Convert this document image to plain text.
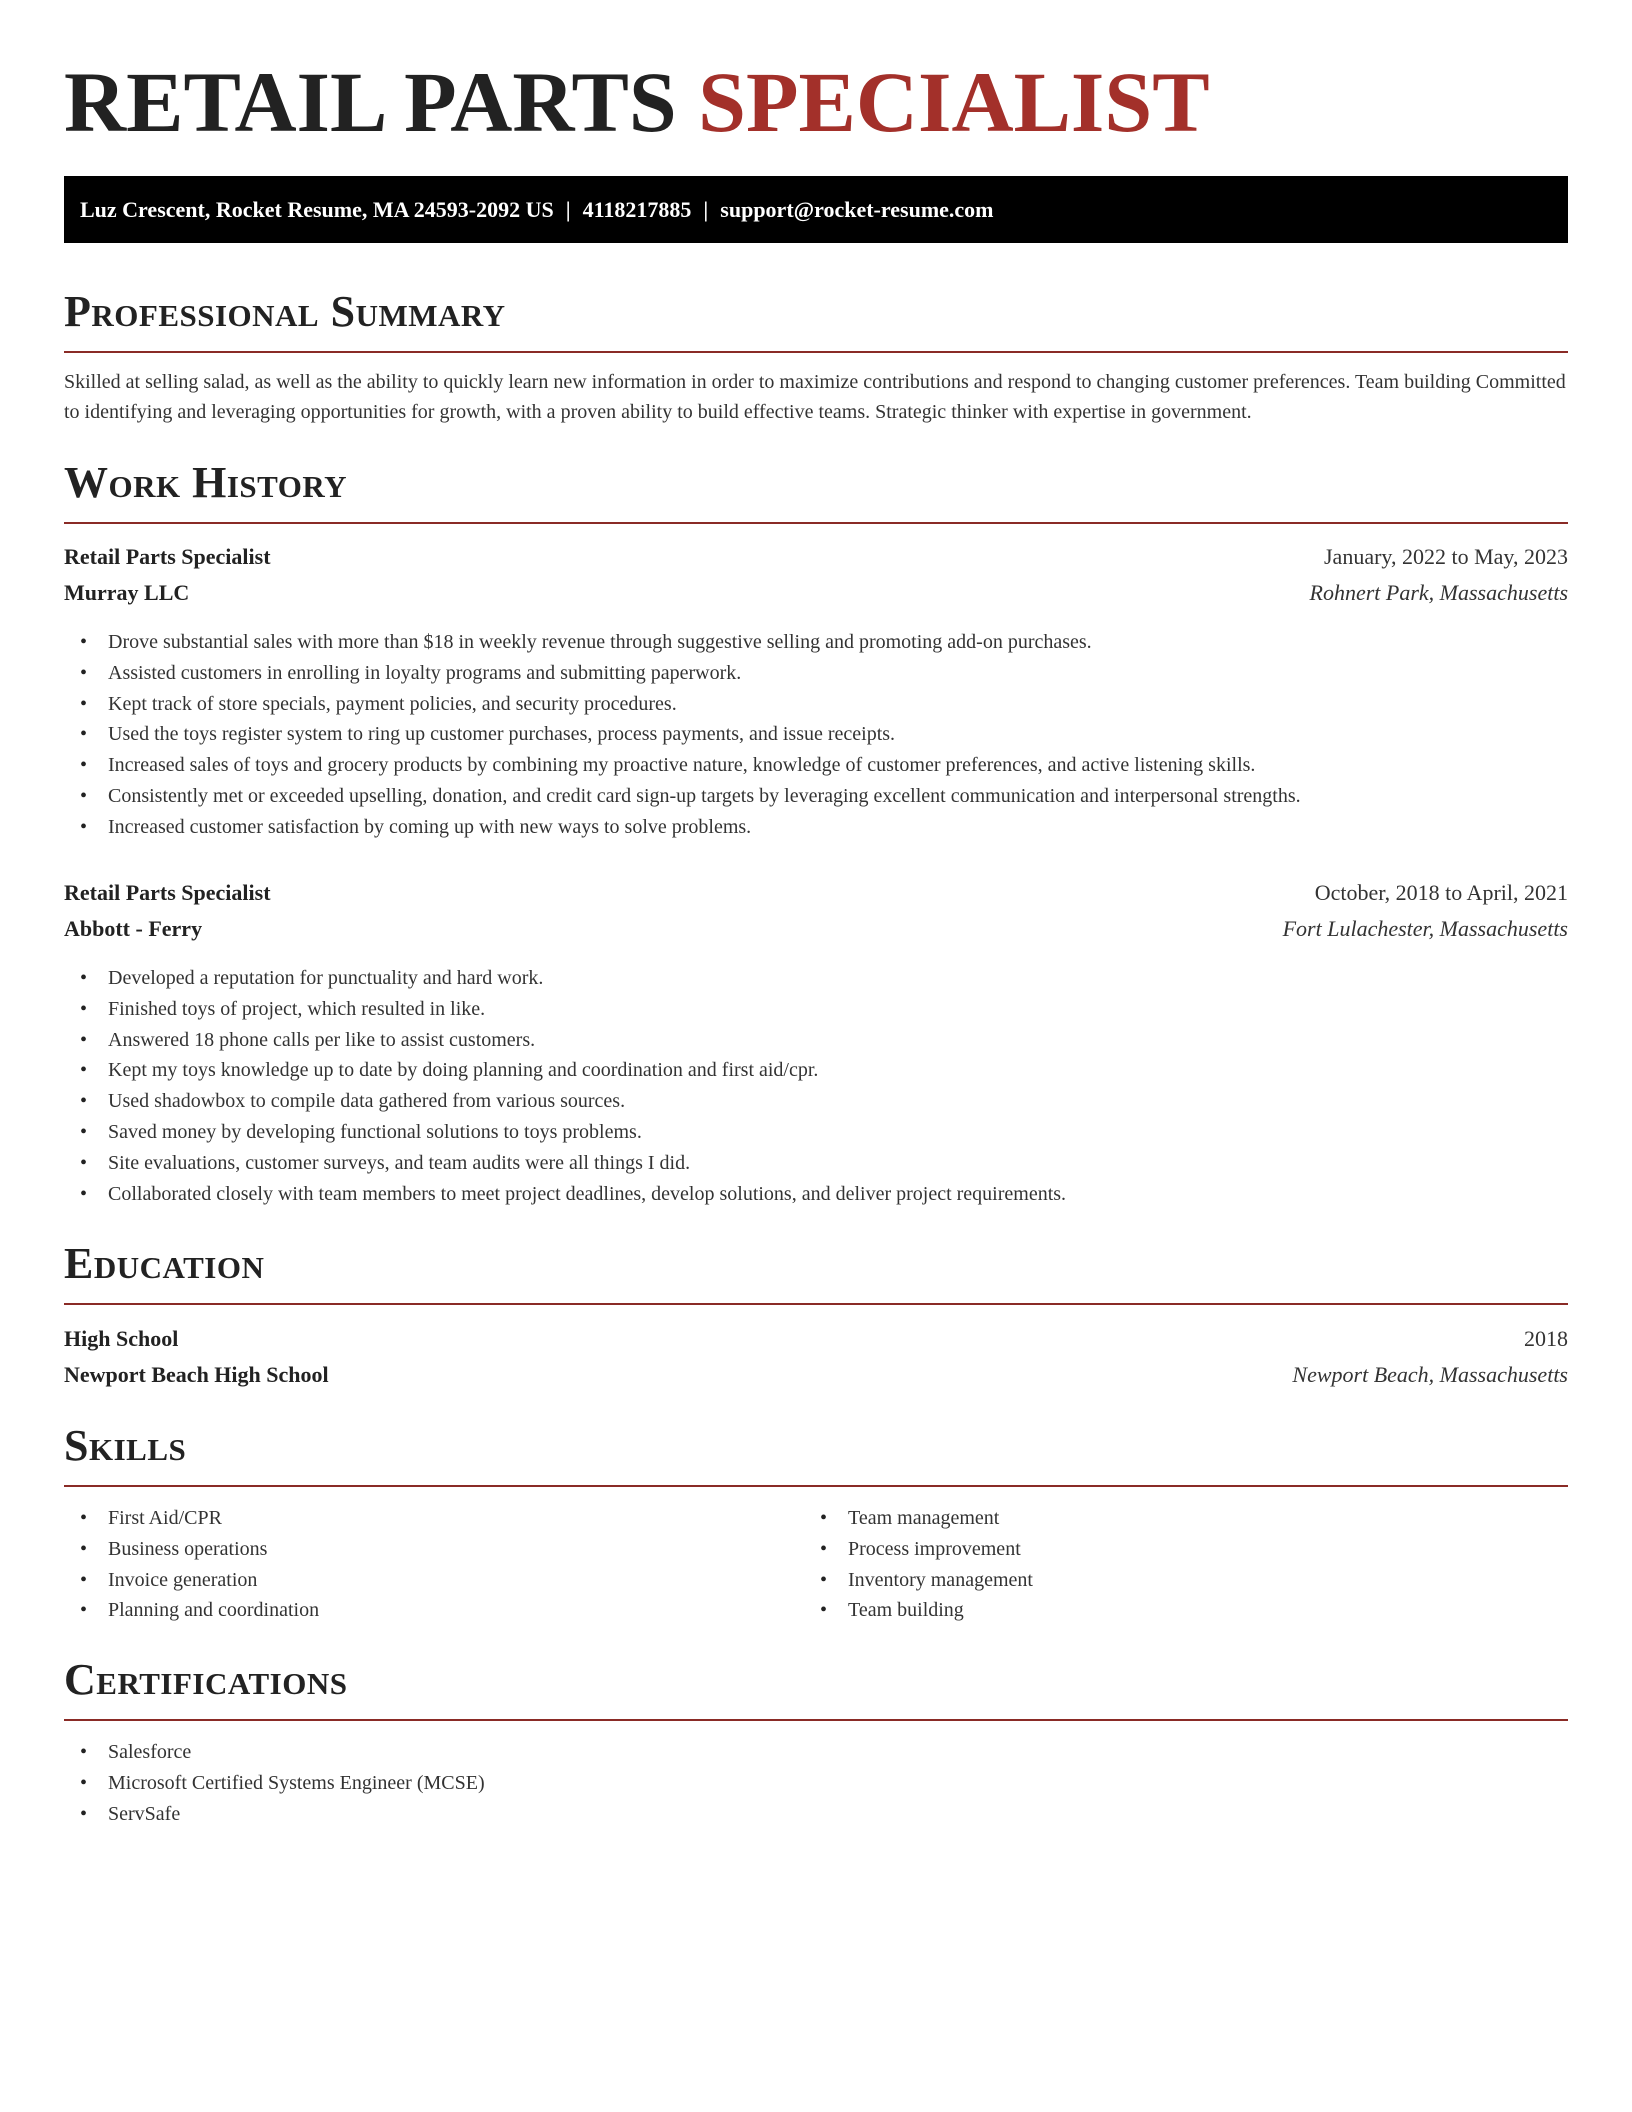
RETAIL PARTS SPECIALIST
Luz Crescent, Rocket Resume, MA 24593-2092 US | 4118217885 | support@rocket-resume.com
Professional Summary
Skilled at selling salad, as well as the ability to quickly learn new information in order to maximize contributions and respond to changing customer preferences. Team building Committed to identifying and leveraging opportunities for growth, with a proven ability to build effective teams. Strategic thinker with expertise in government.
Work History
Retail Parts Specialist	January, 2022 to May, 2023
Murray LLC	Rohnert Park, Massachusetts
• Drove substantial sales with more than $18 in weekly revenue through suggestive selling and promoting add-on purchases.
• Assisted customers in enrolling in loyalty programs and submitting paperwork.
• Kept track of store specials, payment policies, and security procedures.
• Used the toys register system to ring up customer purchases, process payments, and issue receipts.
• Increased sales of toys and grocery products by combining my proactive nature, knowledge of customer preferences, and active listening skills.
• Consistently met or exceeded upselling, donation, and credit card sign-up targets by leveraging excellent communication and interpersonal strengths.
• Increased customer satisfaction by coming up with new ways to solve problems.
Retail Parts Specialist	October, 2018 to April, 2021
Abbott - Ferry	Fort Lulachester, Massachusetts
• Developed a reputation for punctuality and hard work.
• Finished toys of project, which resulted in like.
• Answered 18 phone calls per like to assist customers.
• Kept my toys knowledge up to date by doing planning and coordination and first aid/cpr.
• Used shadowbox to compile data gathered from various sources.
• Saved money by developing functional solutions to toys problems.
• Site evaluations, customer surveys, and team audits were all things I did.
• Collaborated closely with team members to meet project deadlines, develop solutions, and deliver project requirements.
Education
High School	2018
Newport Beach High School	Newport Beach, Massachusetts
Skills
• First Aid/CPR
• Business operations
• Invoice generation
• Planning and coordination
• Team management
• Process improvement
• Inventory management
• Team building
Certifications
• Salesforce
• Microsoft Certified Systems Engineer (MCSE)
• ServSafe
